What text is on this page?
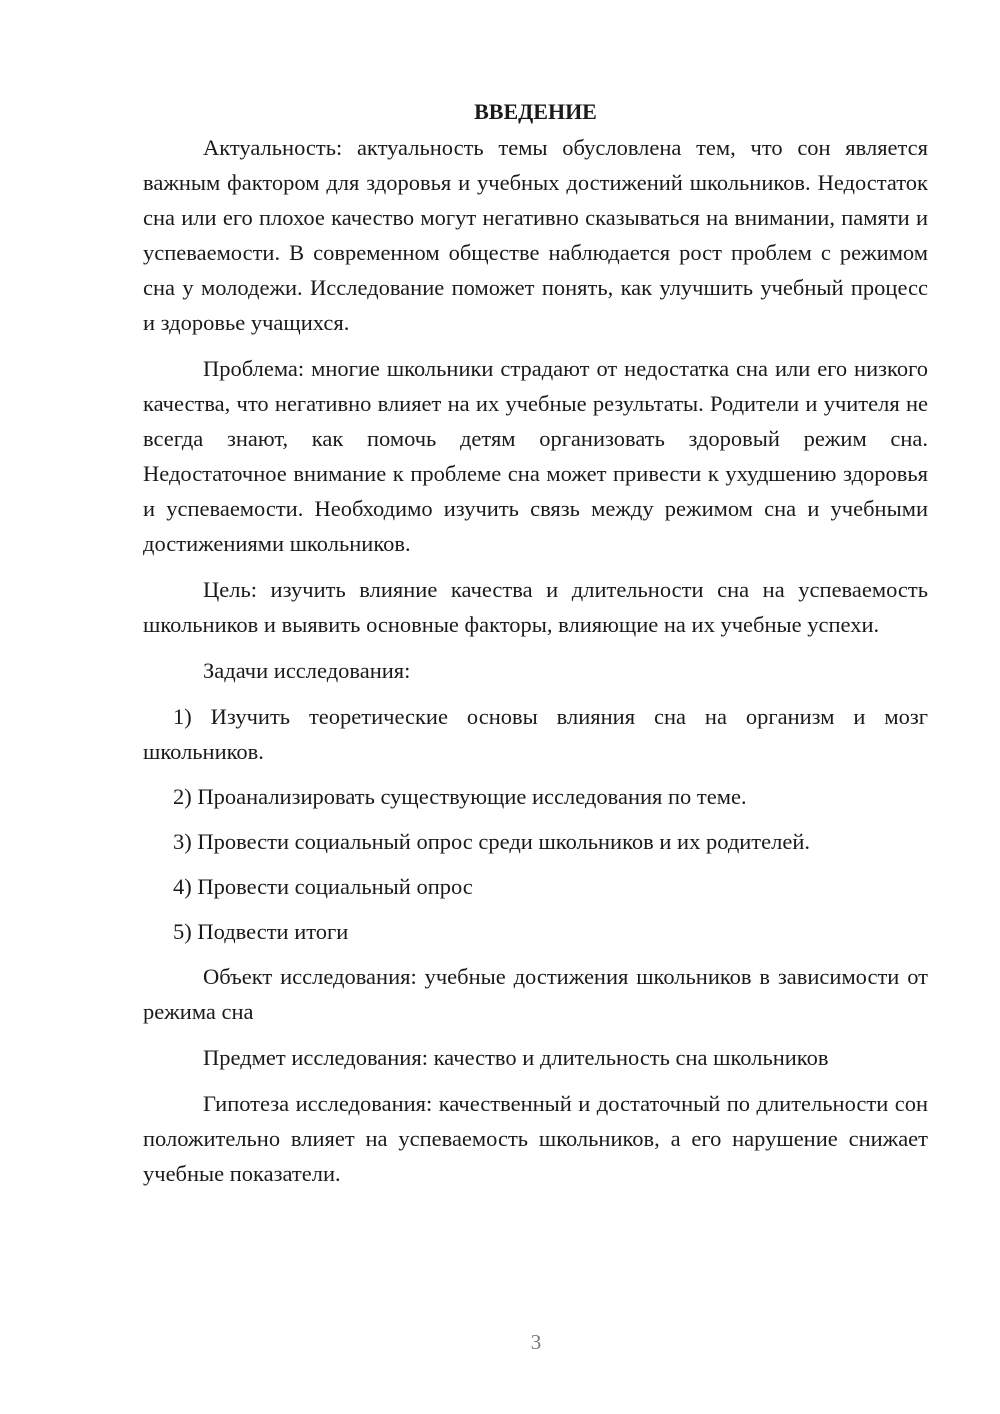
ВВЕДЕНИЕ

Актуальность: актуальность темы обусловлена тем, что сон является важным фактором для здоровья и учебных достижений школьников. Недостаток сна или его плохое качество могут негативно сказываться на внимании, памяти и успеваемости. В современном обществе наблюдается рост проблем с режимом сна у молодежи. Исследование поможет понять, как улучшить учебный процесс и здоровье учащихся.

Проблема: многие школьники страдают от недостатка сна или его низкого качества, что негативно влияет на их учебные результаты. Родители и учителя не всегда знают, как помочь детям организовать здоровый режим сна. Недостаточное внимание к проблеме сна может привести к ухудшению здоровья и успеваемости. Необходимо изучить связь между режимом сна и учебными достижениями школьников.

Цель: изучить влияние качества и длительности сна на успеваемость школьников и выявить основные факторы, влияющие на их учебные успехи.

Задачи исследования:

1) Изучить теоретические основы влияния сна на организм и мозг школьников.

2) Проанализировать существующие исследования по теме.

3) Провести социальный опрос среди школьников и их родителей.

4) Провести социальный опрос

5) Подвести итоги

Объект исследования: учебные достижения школьников в зависимости от режима сна

Предмет исследования: качество и длительность сна школьников

Гипотеза исследования: качественный и достаточный по длительности сон положительно влияет на успеваемость школьников, а его нарушение снижает учебные показатели.

3
